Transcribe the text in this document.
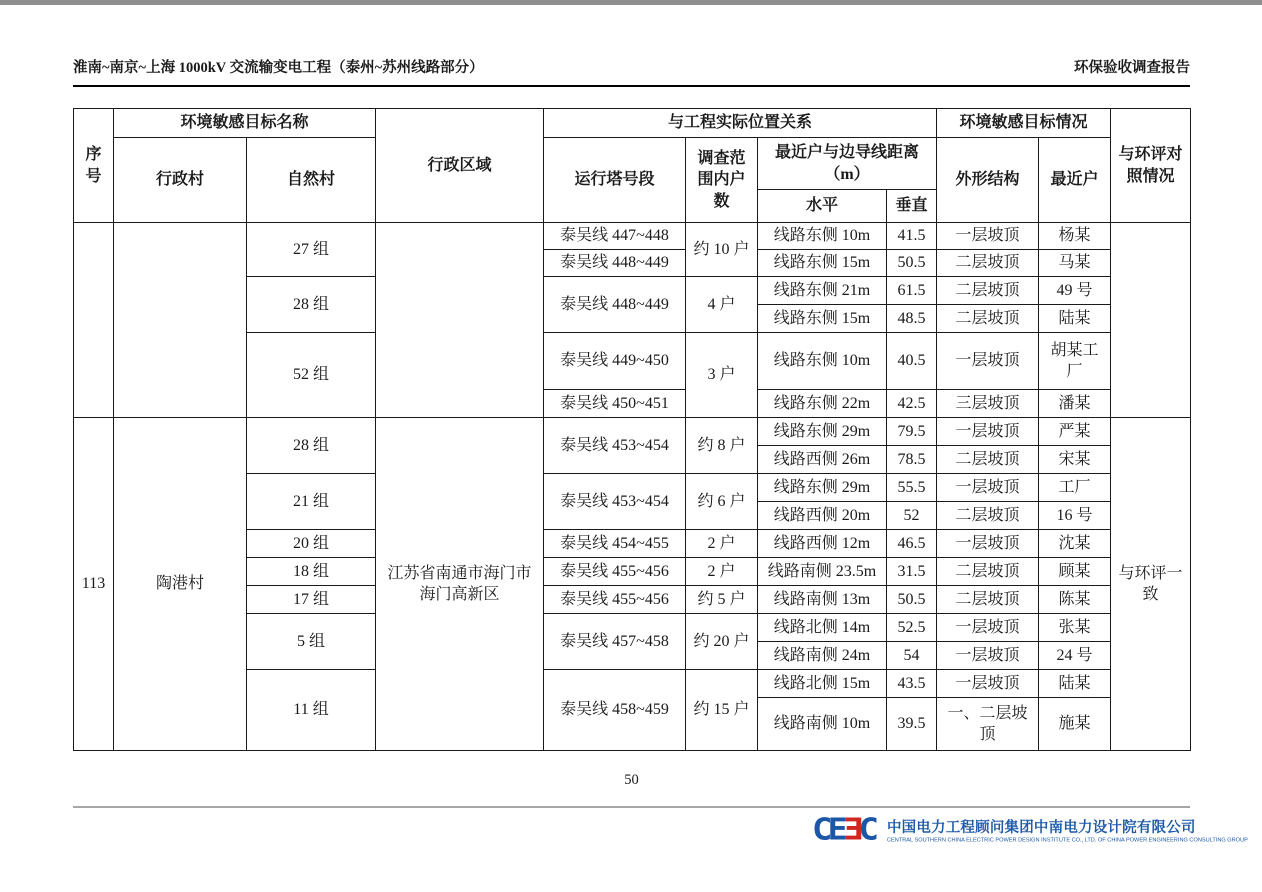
淮南~南京~上海 1000kV 交流输变电工程（泰州~苏州线路部分）	环保验收调查报告
序号	环境敏感目标名称		行政区域	与工程实际位置关系				环境敏感目标情况		与环评对照情况
	行政村	自然村		运行塔号段	调查范围内户数	最近户与边导线距离（m）		外形结构	最近户	
						水平	垂直			
		27 组		泰吴线 447~448	约 10 户	线路东侧 10m	41.5	一层坡顶	杨某	
				泰吴线 448~449		线路东侧 15m	50.5	二层坡顶	马某	
		28 组		泰吴线 448~449	4 户	线路东侧 21m	61.5	二层坡顶	49 号	
						线路东侧 15m	48.5	二层坡顶	陆某	
		52 组		泰吴线 449~450	3 户	线路东侧 10m	40.5	一层坡顶	胡某工厂	
				泰吴线 450~451		线路东侧 22m	42.5	三层坡顶	潘某	
113	陶港村	28 组	江苏省南通市海门市海门高新区	泰吴线 453~454	约 8 户	线路东侧 29m	79.5	一层坡顶	严某	与环评一致
						线路西侧 26m	78.5	二层坡顶	宋某	
		21 组		泰吴线 453~454	约 6 户	线路东侧 29m	55.5	一层坡顶	工厂	
						线路西侧 20m	52	二层坡顶	16 号	
		20 组		泰吴线 454~455	2 户	线路西侧 12m	46.5	一层坡顶	沈某	
		18 组		泰吴线 455~456	2 户	线路南侧 23.5m	31.5	二层坡顶	顾某	
		17 组		泰吴线 455~456	约 5 户	线路南侧 13m	50.5	二层坡顶	陈某	
		5 组		泰吴线 457~458	约 20 户	线路北侧 14m	52.5	一层坡顶	张某	
						线路南侧 24m	54	一层坡顶	24 号	
		11 组		泰吴线 458~459	约 15 户	线路北侧 15m	43.5	一层坡顶	陆某	
						线路南侧 10m	39.5	一、二层坡顶	施某	
50
CEƎC 中国电力工程顾问集团中南电力设计院有限公司
CENTRAL SOUTHERN CHINA ELECTRIC POWER DESIGN INSTITUTE CO., LTD. OF CHINA POWER ENGINEERING CONSULTING GROUP
